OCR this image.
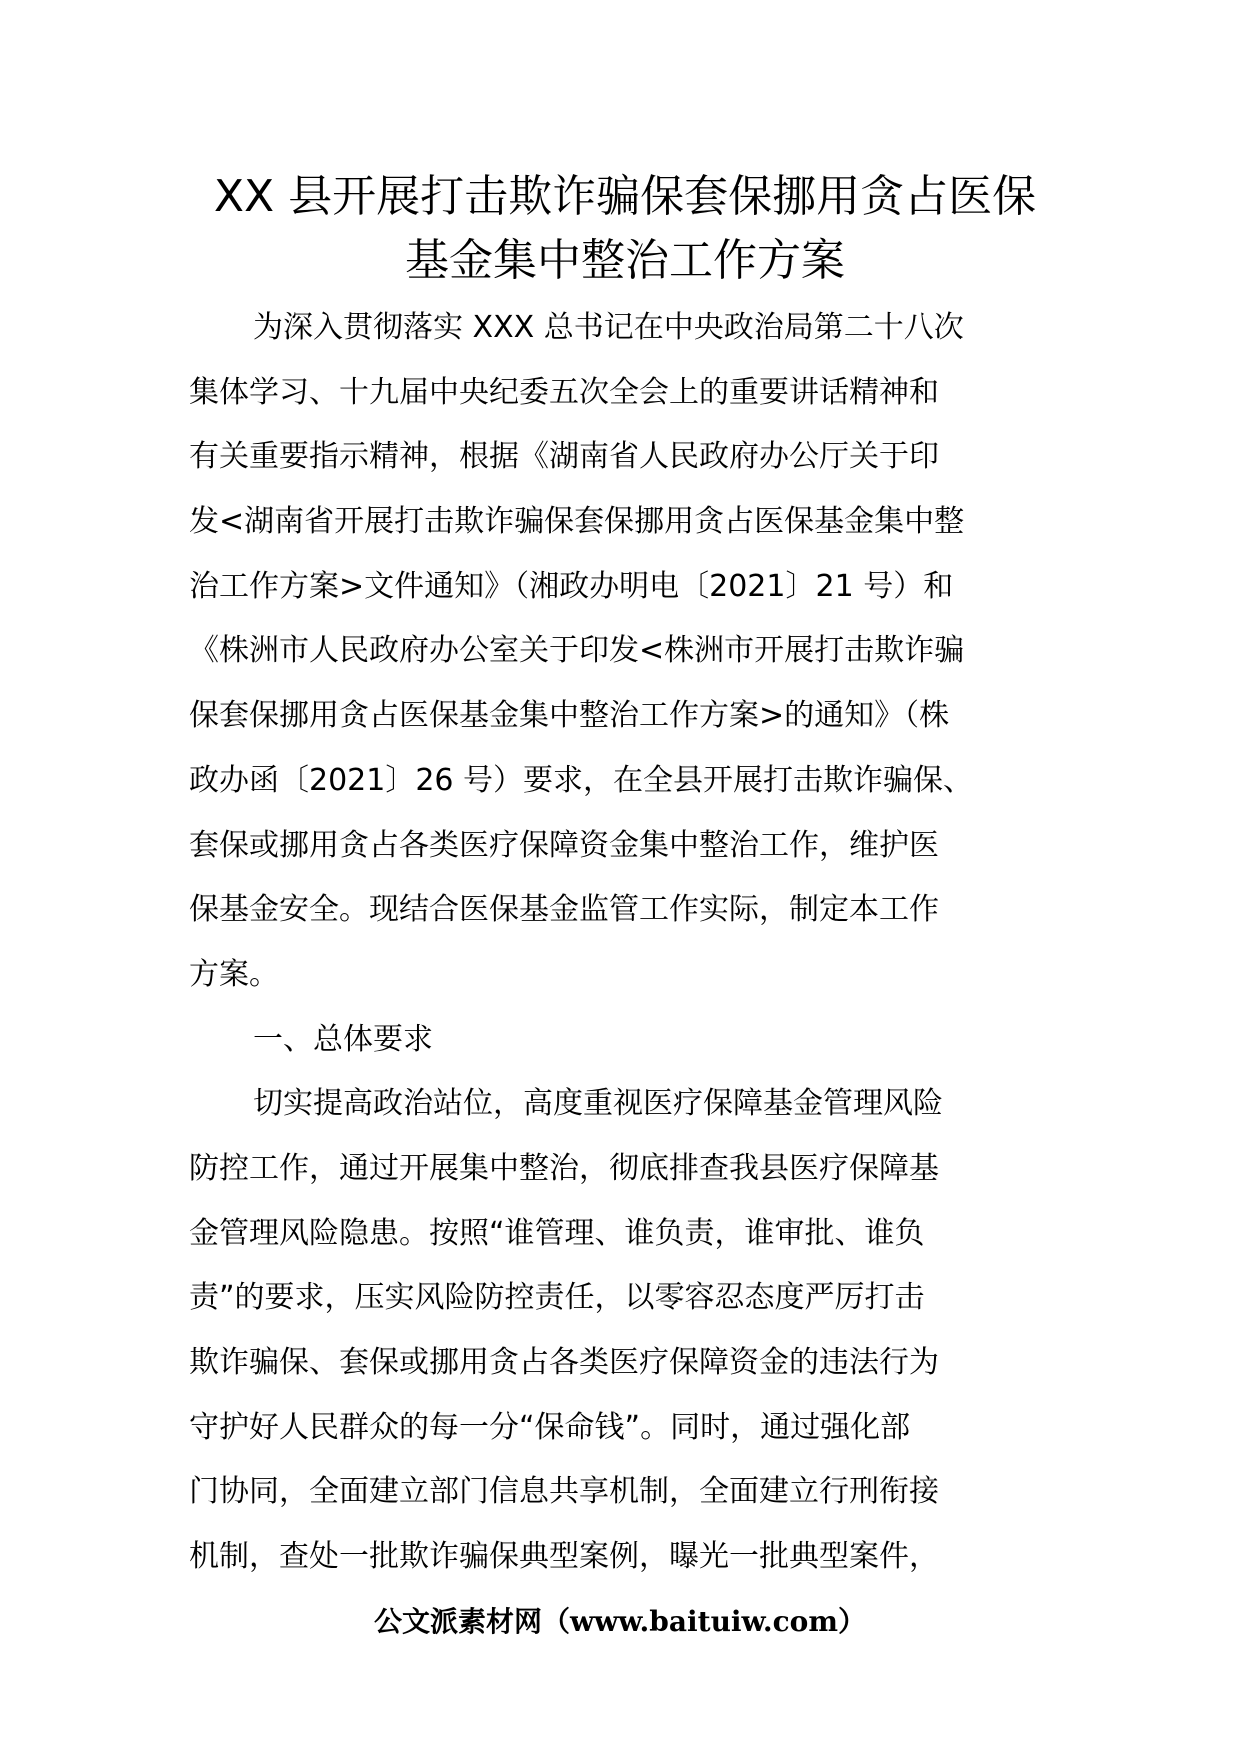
XX 县开展打击欺诈骗保套保挪用贪占医保
基金集中整治工作方案
为深入贯彻落实 XXX 总书记在中央政治局第二十八次
集体学习、十九届中央纪委五次全会上的重要讲话精神和
有关重要指示精神，根据《湖南省人民政府办公厅关于印
发<湖南省开展打击欺诈骗保套保挪用贪占医保基金集中整
治工作方案>文件通知》（湘政办明电〔2021〕21 号）和
《株洲市人民政府办公室关于印发<株洲市开展打击欺诈骗
保套保挪用贪占医保基金集中整治工作方案>的通知》（株
政办函〔2021〕26 号）要求，在全县开展打击欺诈骗保、
套保或挪用贪占各类医疗保障资金集中整治工作，维护医
保基金安全。现结合医保基金监管工作实际，制定本工作
方案。
一、总体要求
切实提高政治站位，高度重视医疗保障基金管理风险
防控工作，通过开展集中整治，彻底排查我县医疗保障基
金管理风险隐患。按照“谁管理、谁负责，谁审批、谁负
责”的要求，压实风险防控责任，以零容忍态度严厉打击
欺诈骗保、套保或挪用贪占各类医疗保障资金的违法行为
守护好人民群众的每一分“保命钱”。同时，通过强化部
门协同，全面建立部门信息共享机制，全面建立行刑衔接
机制，查处一批欺诈骗保典型案例，曝光一批典型案件，
公文派素材网（www.baituiw.com）
